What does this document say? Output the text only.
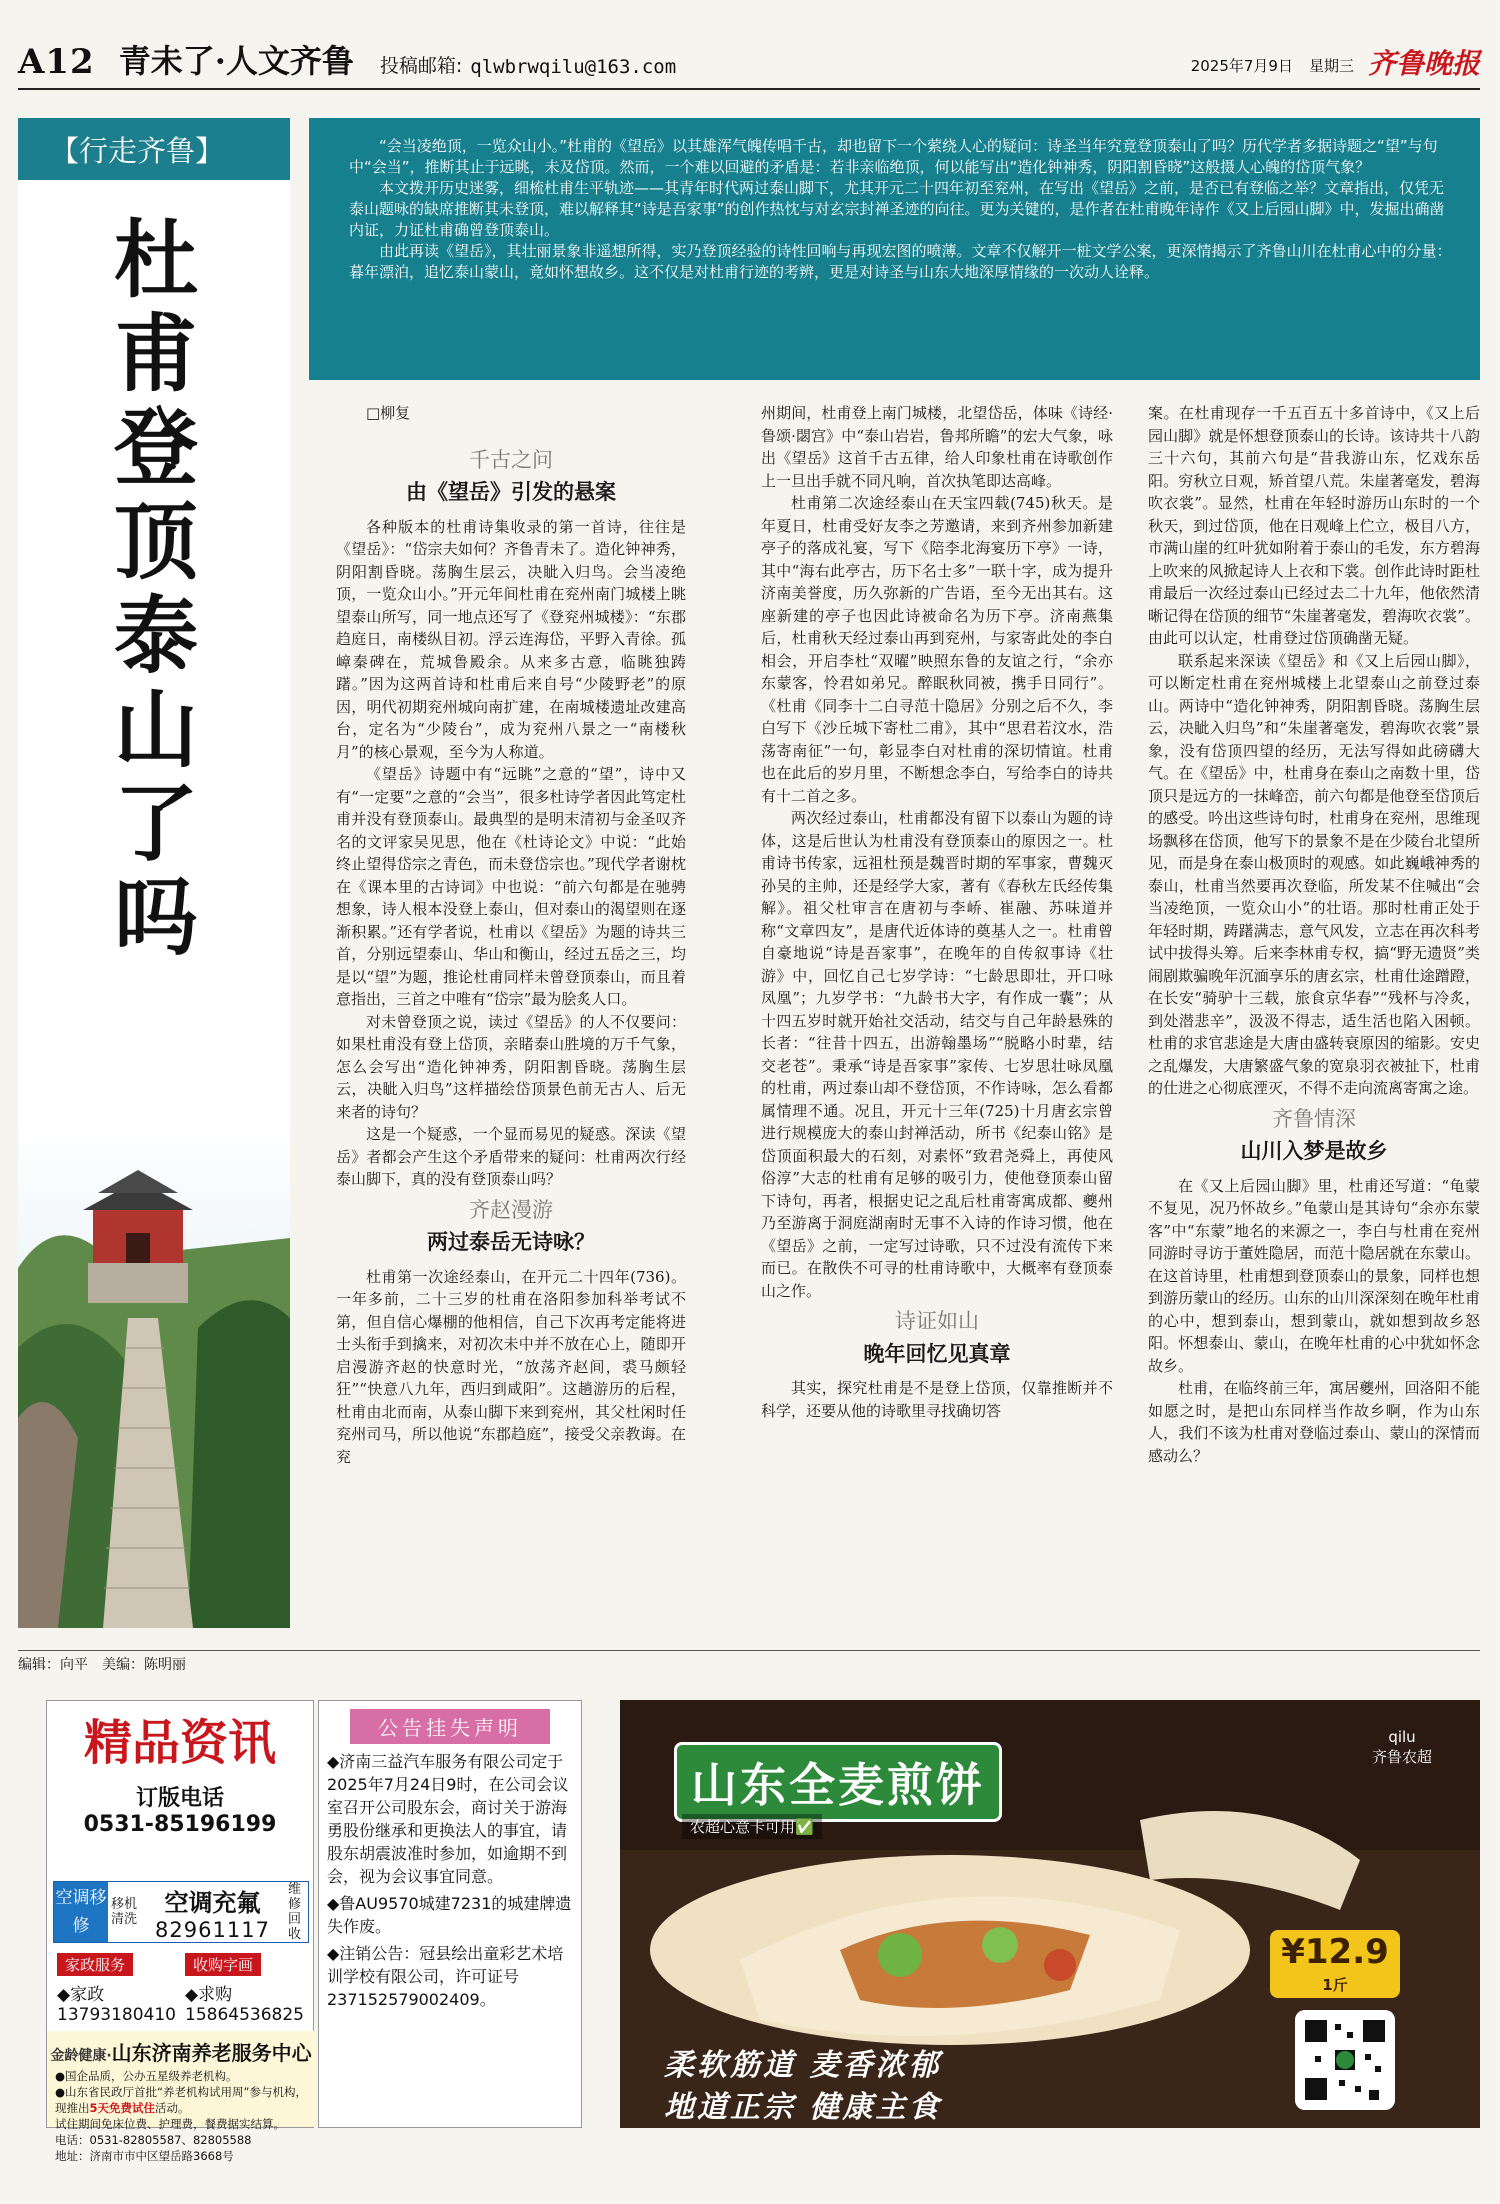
A12 青未了·人文齐鲁 投稿邮箱: qlwbrwqilu@163.com	2025年7月9日 星期三 齐鲁晚报
【行走齐鲁】
杜甫登顶泰山了吗

“会当凌绝顶，一览众山小。”杜甫的《望岳》以其雄浑气魄传唱千古，却也留下一个萦绕人心的疑问：诗圣当年究竟登顶泰山了吗？历代学者多据诗题之“望”与句中“会当”，推断其止于远眺，未及岱顶。然而，一个难以回避的矛盾是：若非亲临绝顶，何以能写出“造化钟神秀，阴阳割昏晓”这般摄人心魄的岱顶气象？

本文拨开历史迷雾，细梳杜甫生平轨迹——其青年时代两过泰山脚下，尤其开元二十四年初至兖州，在写出《望岳》之前，是否已有登临之举？文章指出，仅凭无泰山题咏的缺席推断其未登顶，难以解释其“诗是吾家事”的创作热忱与对玄宗封禅圣迹的向往。更为关键的，是作者在杜甫晚年诗作《又上后园山脚》中，发掘出确凿内证，力证杜甫确曾登顶泰山。

由此再读《望岳》，其壮丽景象非遥想所得，实乃登顶经验的诗性回响与再现宏图的喷薄。文章不仅解开一桩文学公案，更深情揭示了齐鲁山川在杜甫心中的分量：暮年漂泊，追忆泰山蒙山，竟如怀想故乡。这不仅是对杜甫行迹的考辨，更是对诗圣与山东大地深厚情缘的一次动人诠释。

□柳复

千古之问
由《望岳》引发的悬案

各种版本的杜甫诗集收录的第一首诗，往往是《望岳》：“岱宗夫如何？齐鲁青未了。造化钟神秀，阴阳割昏晓。荡胸生层云，决眦入归鸟。会当凌绝顶，一览众山小。”开元年间杜甫在兖州南门城楼上眺望泰山所写，同一地点还写了《登兖州城楼》：“东郡趋庭日，南楼纵目初。浮云连海岱，平野入青徐。孤嶂秦碑在，荒城鲁殿余。从来多古意，临眺独踌躇。”因为这两首诗和杜甫后来自号“少陵野老”的原因，明代初期兖州城向南扩建，在南城楼遗址改建高台，定名为“少陵台”，成为兖州八景之一“南楼秋月”的核心景观，至今为人称道。

《望岳》诗题中有“远眺”之意的“望”，诗中又有“一定要”之意的“会当”，很多杜诗学者因此笃定杜甫并没有登顶泰山。最典型的是明末清初与金圣叹齐名的文评家吴见思，他在《杜诗论文》中说：“此始终止望得岱宗之青色，而未登岱宗也。”现代学者谢枕在《课本里的古诗词》中也说：“前六句都是在驰骋想象，诗人根本没登上泰山，但对泰山的渴望则在逐渐积累。”还有学者说，杜甫以《望岳》为题的诗共三首，分别远望泰山、华山和衡山，经过五岳之三，均是以“望”为题，推论杜甫同样未曾登顶泰山，而且着意指出，三首之中唯有“岱宗”最为脍炙人口。

对未曾登顶之说，读过《望岳》的人不仅要问：如果杜甫没有登上岱顶，亲睹泰山胜境的万千气象，怎么会写出“造化钟神秀，阴阳割昏晓。荡胸生层云，决眦入归鸟”这样描绘岱顶景色前无古人、后无来者的诗句？

这是一个疑惑，一个显而易见的疑惑。深读《望岳》者都会产生这个矛盾带来的疑问：杜甫两次行经泰山脚下，真的没有登顶泰山吗？

齐赵漫游
两过泰岳无诗咏？

杜甫第一次途经泰山，在开元二十四年(736)。一年多前，二十三岁的杜甫在洛阳参加科举考试不第，但自信心爆棚的他相信，自己下次再考定能将进士头衔手到擒来，对初次未中并不放在心上，随即开启漫游齐赵的快意时光，“放荡齐赵间，裘马颇轻狂”“快意八九年，西归到咸阳”。这趟游历的后程，杜甫由北而南，从泰山脚下来到兖州，其父杜闲时任兖州司马，所以他说“东郡趋庭”，接受父亲教诲。在兖

州期间，杜甫登上南门城楼，北望岱岳，体味《诗经·鲁颂·閟宫》中“泰山岩岩，鲁邦所瞻”的宏大气象，咏出《望岳》这首千古五律，给人印象杜甫在诗歌创作上一旦出手就不同凡响，首次执笔即达高峰。

杜甫第二次途经泰山在天宝四载(745)秋天。是年夏日，杜甫受好友李之芳邀请，来到齐州参加新建亭子的落成礼宴，写下《陪李北海宴历下亭》一诗，其中“海右此亭古，历下名士多”一联十字，成为提升济南美誉度，历久弥新的广告语，至今无出其右。这座新建的亭子也因此诗被命名为历下亭。济南燕集后，杜甫秋天经过泰山再到兖州，与家寄此处的李白相会，开启李杜“双曜”映照东鲁的友谊之行，“余亦东蒙客，怜君如弟兄。醉眠秋同被，携手日同行”。《杜甫《同李十二白寻范十隐居》分别之后不久，李白写下《沙丘城下寄杜二甫》，其中“思君若汶水，浩荡寄南征”一句，彰显李白对杜甫的深切情谊。杜甫也在此后的岁月里，不断想念李白，写给李白的诗共有十二首之多。

两次经过泰山，杜甫都没有留下以泰山为题的诗体，这是后世认为杜甫没有登顶泰山的原因之一。杜甫诗书传家，远祖杜预是魏晋时期的军事家，曹魏灭孙吴的主帅，还是经学大家，著有《春秋左氏经传集解》。祖父杜审言在唐初与李峤、崔融、苏味道并称“文章四友”，是唐代近体诗的奠基人之一。杜甫曾自豪地说“诗是吾家事”，在晚年的自传叙事诗《壮游》中，回忆自己七岁学诗：“七龄思即壮，开口咏凤凰”；九岁学书：“九龄书大字，有作成一囊”；从十四五岁时就开始社交活动，结交与自己年龄悬殊的长者：“往昔十四五，出游翰墨场”“脱略小时辈，结交老苍”。秉承“诗是吾家事”家传、七岁思壮咏凤凰的杜甫，两过泰山却不登岱顶，不作诗咏，怎么看都属情理不通。况且，开元十三年(725)十月唐玄宗曾进行规模庞大的泰山封禅活动，所书《纪泰山铭》是岱顶面积最大的石刻，对素怀“致君尧舜上，再使风俗淳”大志的杜甫有足够的吸引力，使他登顶泰山留下诗句，再者，根据史记之乱后杜甫寄寓成都、夔州乃至游离于洞庭湖南时无事不入诗的作诗习惯，他在《望岳》之前，一定写过诗歌，只不过没有流传下来而已。在散佚不可寻的杜甫诗歌中，大概率有登顶泰山之作。

诗证如山
晚年回忆见真章

其实，探究杜甫是不是登上岱顶，仅靠推断并不科学，还要从他的诗歌里寻找确切答

案。在杜甫现存一千五百五十多首诗中，《又上后园山脚》就是怀想登顶泰山的长诗。该诗共十八韵三十六句，其前六句是“昔我游山东，忆戏东岳阳。穷秋立日观，矫首望八荒。朱崖著毫发，碧海吹衣裳”。显然，杜甫在年轻时游历山东时的一个秋天，到过岱顶，他在日观峰上伫立，极目八方，市满山崖的红叶犹如附着于泰山的毛发，东方碧海上吹来的风掀起诗人上衣和下裳。创作此诗时距杜甫最后一次经过泰山已经过去二十九年，他依然清晰记得在岱顶的细节“朱崖著毫发，碧海吹衣裳”。由此可以认定，杜甫登过岱顶确凿无疑。

联系起来深读《望岳》和《又上后园山脚》，可以断定杜甫在兖州城楼上北望泰山之前登过泰山。两诗中“造化钟神秀，阴阳割昏晓。荡胸生层云，决眦入归鸟”和“朱崖著毫发，碧海吹衣裳”景象，没有岱顶四望的经历，无法写得如此磅礴大气。在《望岳》中，杜甫身在泰山之南数十里，岱顶只是远方的一抹峰峦，前六句都是他登至岱顶后的感受。吟出这些诗句时，杜甫身在兖州，思维现场飘移在岱顶，他写下的景象不是在少陵台北望所见，而是身在泰山极顶时的观感。如此巍峨神秀的泰山，杜甫当然要再次登临，所发某不住喊出“会当凌绝顶，一览众山小”的壮语。那时杜甫正处于年轻时期，踌躇满志，意气风发，立志在再次科考试中拔得头筹。后来李林甫专权，搞“野无遗贤”类闹剧欺骗晚年沉湎享乐的唐玄宗，杜甫仕途蹭蹬，在长安“骑驴十三载，旅食京华春”“残杯与冷炙，到处潜悲辛”，汲汲不得志，适生活也陷入困顿。杜甫的求官悲途是大唐由盛转衰原因的缩影。安史之乱爆发，大唐繁盛气象的宽泉羽衣被扯下，杜甫的仕进之心彻底湮灭，不得不走向流离寄寓之途。

齐鲁情深
山川入梦是故乡

在《又上后园山脚》里，杜甫还写道：“龟蒙不复见，况乃怀故乡。”龟蒙山是其诗句“余亦东蒙客”中“东蒙”地名的来源之一，李白与杜甫在兖州同游时寻访于董姓隐居，而范十隐居就在东蒙山。在这首诗里，杜甫想到登顶泰山的景象，同样也想到游历蒙山的经历。山东的山川深深刻在晚年杜甫的心中，想到泰山，想到蒙山，就如想到故乡怒阳。怀想泰山、蒙山，在晚年杜甫的心中犹如怀念故乡。

杜甫，在临终前三年，寓居夔州，回洛阳不能如愿之时，是把山东同样当作故乡啊，作为山东人，我们不该为杜甫对登临过泰山、蒙山的深情而感动么？

编辑：向平　美编：陈明丽
精品资讯
订版电话
0531-85196199
空调移修
移机清洗
空调充氟
82961117
维修回收
家政服务
◆家政
13793180410
收购字画
◆求购
15864536825
金龄健康·山东济南养老服务中心
●国企品质，公办五星级养老机构。
●山东省民政厅首批“养老机构试用周”参与机构，现推出5天免费试住活动。
试住期间免床位费、护理费，餐费据实结算。
电话：0531-82805587、82805588
地址：济南市市中区望岳路3668号
公告挂失声明

◆济南三益汽车服务有限公司定于2025年7月24日9时，在公司会议室召开公司股东会，商讨关于游海勇股份继承和更换法人的事宜，请股东胡震波准时参加，如逾期不到会，视为会议事宜同意。

◆鲁AU9570城建7231的城建牌遗失作废。

◆注销公告：冠县绘出童彩艺术培训学校有限公司，许可证号237152579002409。

山东全麦煎饼
农超心意卡可用✅
qilu
齐鲁农超
¥12.9
1斤
柔软筋道 麦香浓郁
地道正宗 健康主食
